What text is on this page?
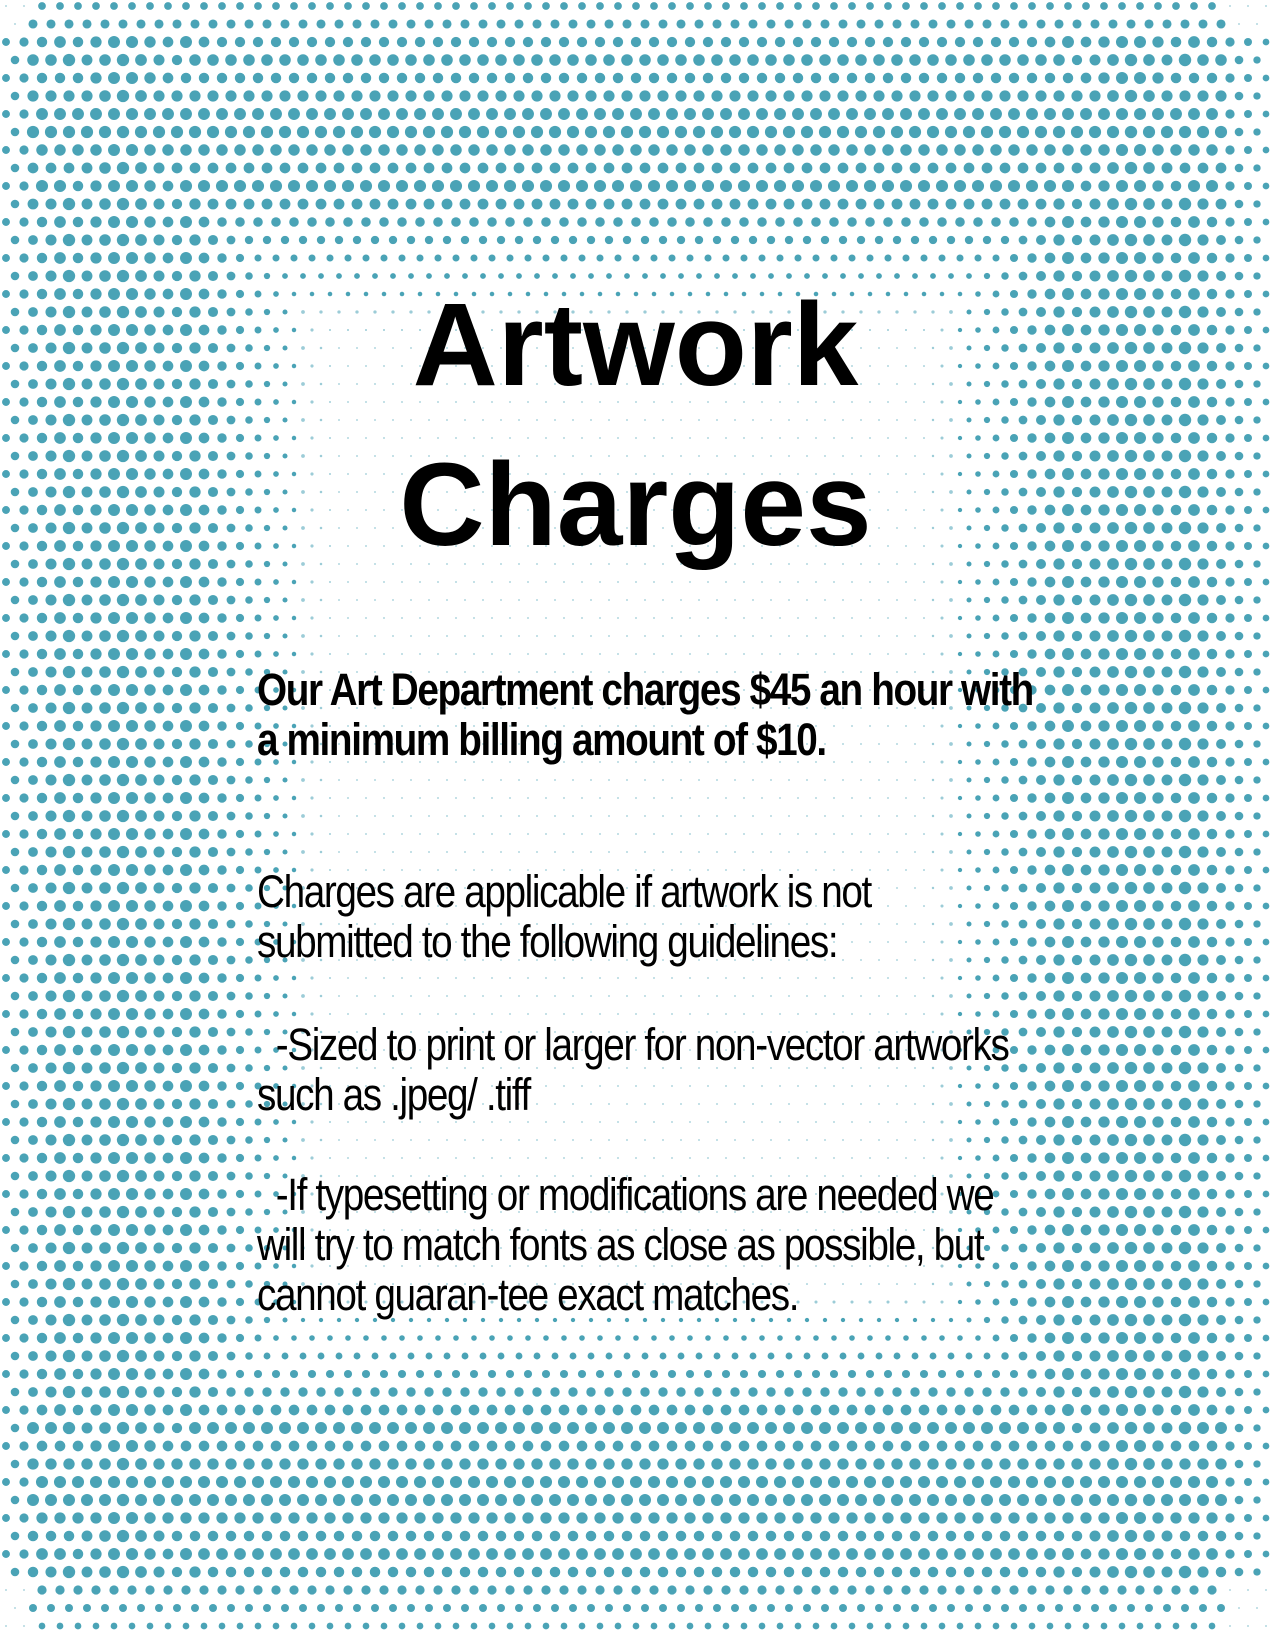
Artwork
Charges

Our Art Department charges $45 an hour with a minimum billing amount of $10.

Charges are applicable if artwork is not submitted to the following guidelines:

-Sized to print or larger for non-vector artworks such as .jpeg/ .tiff

-If typesetting or modifications are needed we will try to match fonts as close as possible, but cannot guaran-tee exact matches.
